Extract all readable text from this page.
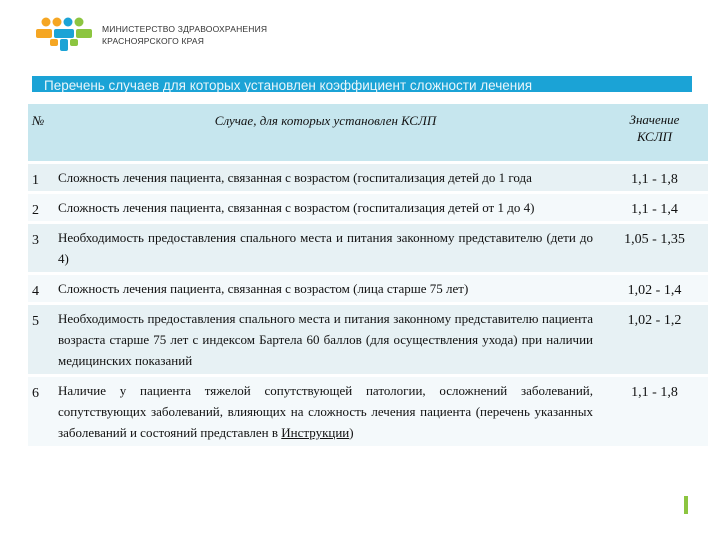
МИНИСТЕРСТВО ЗДРАВООХРАНЕНИЯ
КРАСНОЯРСКОГО КРАЯ
Перечень случаев для которых установлен коэффициент сложности лечения
№	Случае, для которых установлен КСЛП	Значение
КСЛП

1	Сложность лечения пациента, связанная с возрастом (госпитализация детей до 1 года	1,1 - 1,8
2	Сложность лечения пациента, связанная с возрастом (госпитализация детей от 1 до 4)	1,1 - 1,4
3	Необходимость предоставления спального места и питания законному представителю (дети до 4)	1,05 - 1,35
4	Сложность лечения пациента, связанная с возрастом (лица старше 75 лет)	1,02 - 1,4
5	Необходимость предоставления спального места и питания законному представителю пациента возраста старше 75 лет с индексом Бартела 60 баллов (для осуществления ухода) при наличии медицинских показаний	1,02 - 1,2
6	Наличие у пациента тяжелой сопутствующей патологии, осложнений заболеваний, сопутствующих заболеваний, влияющих на сложность лечения пациента (перечень указанных заболеваний и состояний представлен в Инструкции)	1,1 - 1,8
